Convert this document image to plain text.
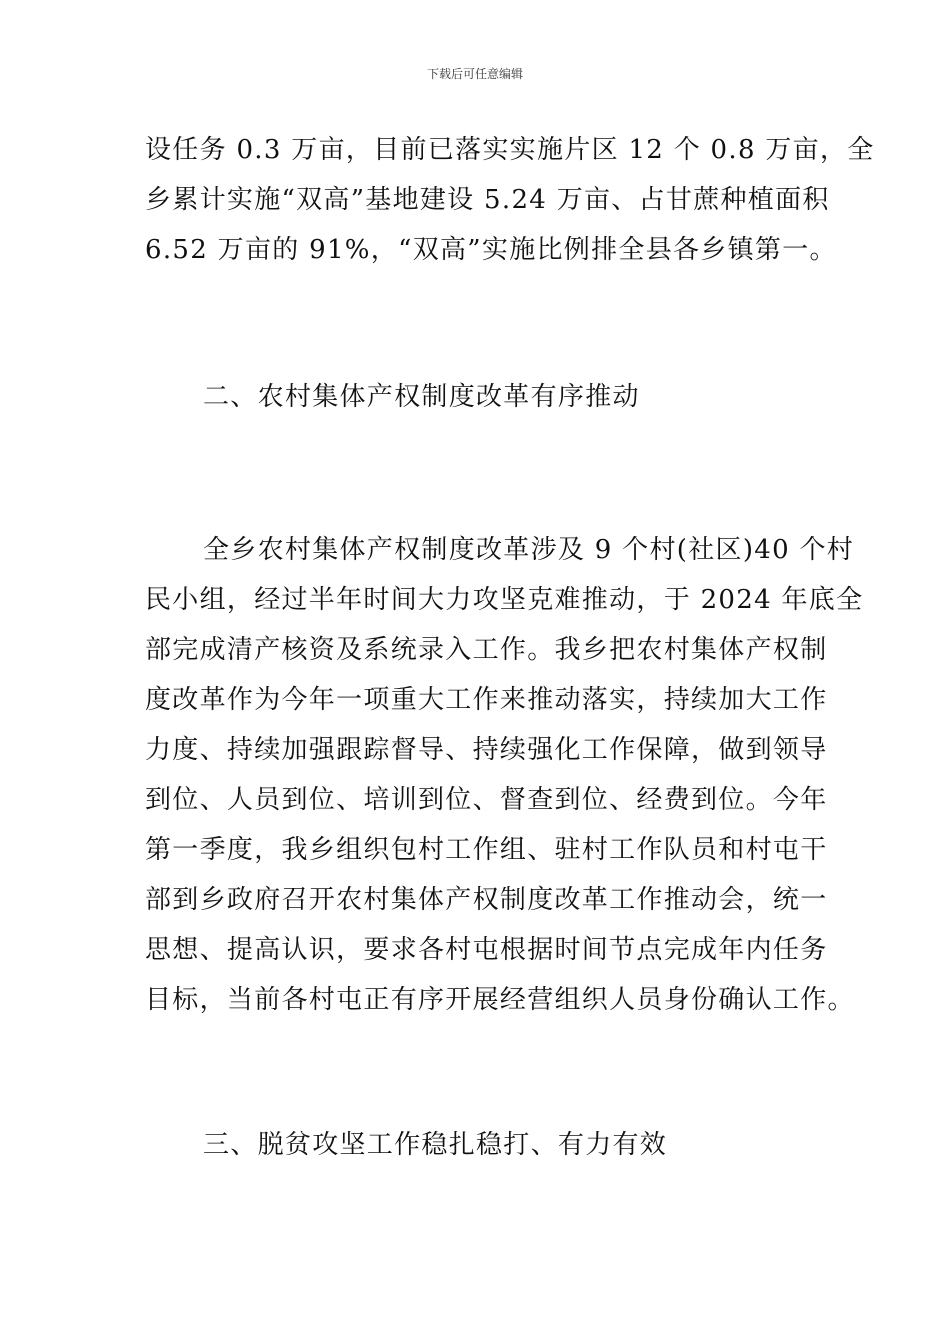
下载后可任意编辑
设任务 0.3 万亩，目前已落实实施片区 12 个 0.8 万亩，全
乡累计实施“双高”基地建设 5.24 万亩、占甘蔗种植面积
6.52 万亩的 91%，“双高”实施比例排全县各乡镇第一。
二、农村集体产权制度改革有序推动
全乡农村集体产权制度改革涉及 9 个村(社区)40 个村
民小组，经过半年时间大力攻坚克难推动，于 2024 年底全
部完成清产核资及系统录入工作。我乡把农村集体产权制
度改革作为今年一项重大工作来推动落实，持续加大工作
力度、持续加强跟踪督导、持续强化工作保障，做到领导
到位、人员到位、培训到位、督查到位、经费到位。今年
第一季度，我乡组织包村工作组、驻村工作队员和村屯干
部到乡政府召开农村集体产权制度改革工作推动会，统一
思想、提高认识，要求各村屯根据时间节点完成年内任务
目标，当前各村屯正有序开展经营组织人员身份确认工作。
三、脱贫攻坚工作稳扎稳打、有力有效
